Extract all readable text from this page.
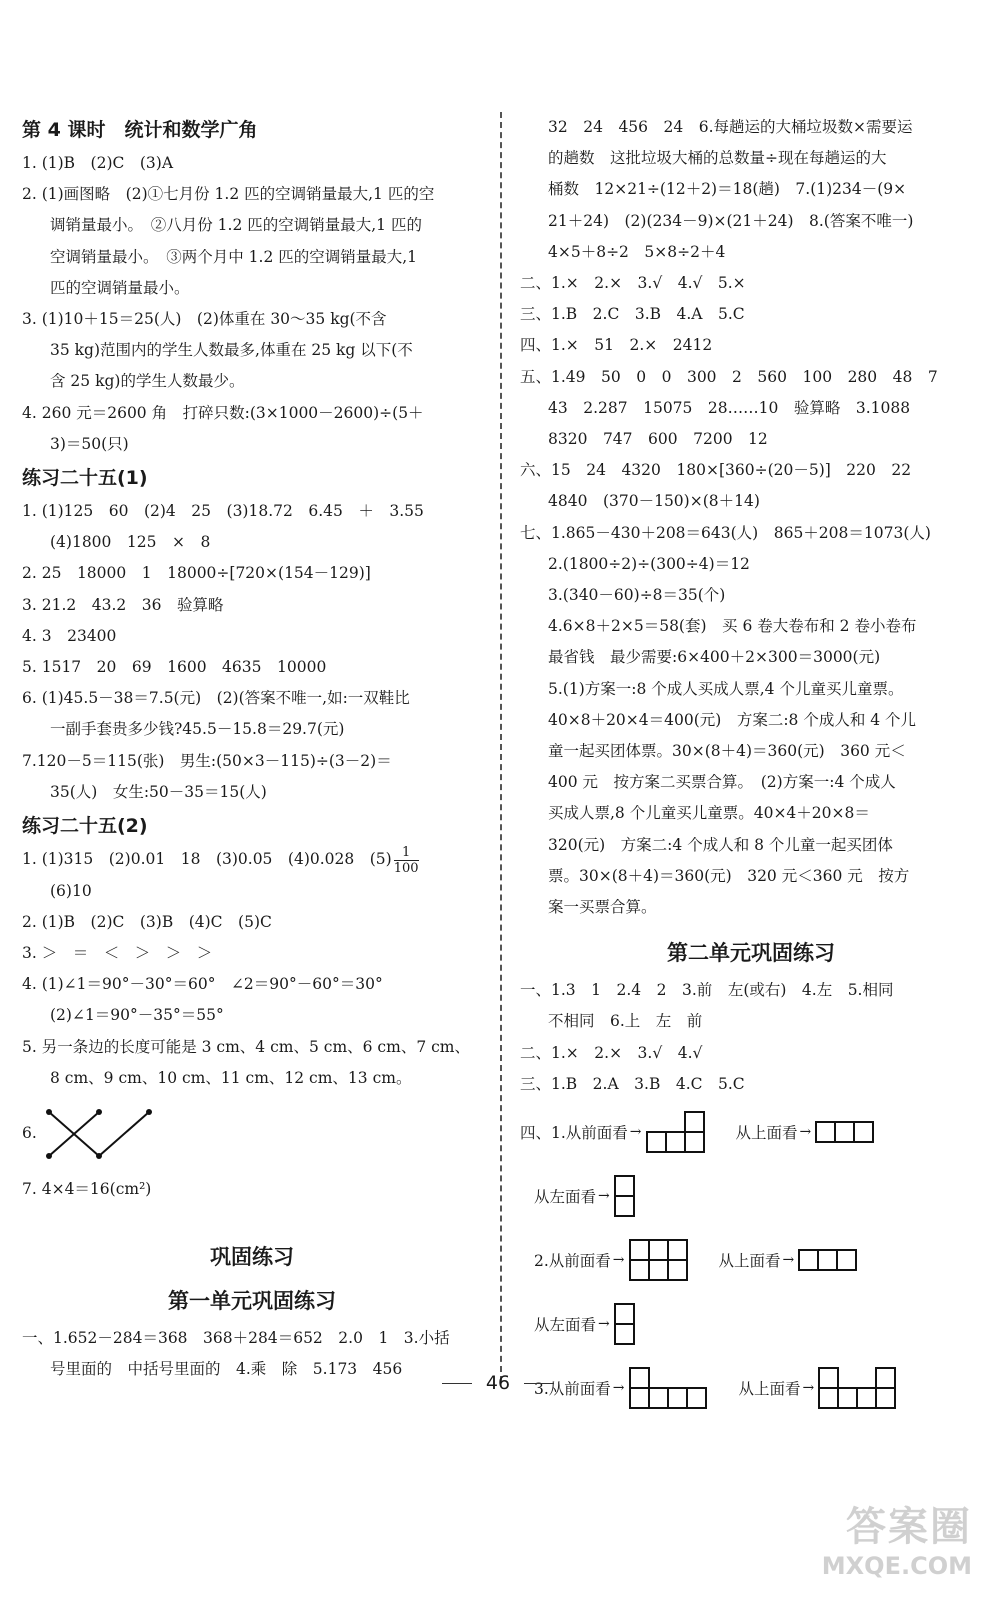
第 4 课时　统计和数学广角
1. (1)B　(2)C　(3)A
2. (1)画图略　(2)①七月份 1.2 匹的空调销量最大,1 匹的空
调销量最小。　②八月份 1.2 匹的空调销量最大,1 匹的
空调销量最小。　③两个月中 1.2 匹的空调销量最大,1
匹的空调销量最小。
3. (1)10＋15＝25(人)　(2)体重在 30～35 kg(不含
35 kg)范围内的学生人数最多,体重在 25 kg 以下(不
含 25 kg)的学生人数最少。
4. 260 元＝2600 角　打碎只数:(3×1000－2600)÷(5＋
3)＝50(只)
练习二十五(1)
1. (1)125　60　(2)4　25　(3)18.72　6.45　＋　3.55
(4)1800　125　×　8
2. 25　18000　1　18000÷[720×(154－129)]
3. 21.2　43.2　36　验算略
4. 3　23400
5. 1517　20　69　1600　4635　10000
6. (1)45.5－38＝7.5(元)　(2)(答案不唯一,如:一双鞋比
一副手套贵多少钱?45.5－15.8＝29.7(元)
7.120－5＝115(张)　男生:(50×3－115)÷(3－2)＝
35(人)　女生:50－35＝15(人)
练习二十五(2)
1. (1)315　(2)0.01　18　(3)0.05　(4)0.028　$(5) \frac{1}{100}$
(6)10
2. (1)B　(2)C　(3)B　(4)C　(5)C
3. ＞　＝　＜　＞　＞　＞
4. (1)∠1＝90°－30°＝60°　∠2＝90°－60°＝30°
(2)∠1＝90°－35°＝55°
5. 另一条边的长度可能是 3 cm、4 cm、5 cm、6 cm、7 cm、
8 cm、9 cm、10 cm、11 cm、12 cm、13 cm。
6.
7. 4×4＝16(cm²)
巩固练习
第一单元巩固练习
一、1.652－284＝368　368＋284＝652　2.0　1　3.小括
号里面的　中括号里面的　4.乘　除　5.173　456
32　24　456　24　6.每趟运的大桶垃圾数×需要运
的趟数　这批垃圾大桶的总数量÷现在每趟运的大
桶数　12×21÷(12＋2)＝18(趟)　7.(1)234－(9×
21＋24)　(2)(234－9)×(21＋24)　8.(答案不唯一)
4×5＋8÷2　5×8÷2＋4
二、1.×　2.×　3.√　4.√　5.×
三、1.B　2.C　3.B　4.A　5.C
四、1.×　51　2.×　2412
五、1.49　50　0　0　300　2　560　100　280　48　7
43　2.287　15075　28……10　验算略　3.1088
8320　747　600　7200　12
六、15　24　4320　180×[360÷(20－5)]　220　22
4840　(370－150)×(8＋14)
七、1.865－430＋208＝643(人)　865＋208＝1073(人)
2.(1800÷2)÷(300÷4)＝12
3.(340－60)÷8＝35(个)
4.6×8＋2×5＝58(套)　买 6 卷大卷布和 2 卷小卷布
最省钱　最少需要:6×400＋2×300＝3000(元)
5.(1)方案一:8 个成人买成人票,4 个儿童买儿童票。
40×8＋20×4＝400(元)　方案二:8 个成人和 4 个儿
童一起买团体票。30×(8＋4)＝360(元)　360 元＜
400 元　按方案二买票合算。　(2)方案一:4 个成人
买成人票,8 个儿童买儿童票。40×4＋20×8＝
320(元)　方案二:4 个成人和 8 个儿童一起买团体
票。30×(8＋4)＝360(元)　320 元＜360 元　按方
案一买票合算。
第二单元巩固练习
一、1.3　1　2.4　2　3.前　左(或右)　4.左　5.相同
不相同　6.上　左　前
二、1.×　2.×　3.√　4.√
三、1.B　2.A　3.B　4.C　5.C
四、1.从前面看 →	从上面看 →
从左面看 →
2.从前面看 →	从上面看 →
从左面看 →
3.从前面看 →	从上面看 →
46
答案圈
MXQE.COM
